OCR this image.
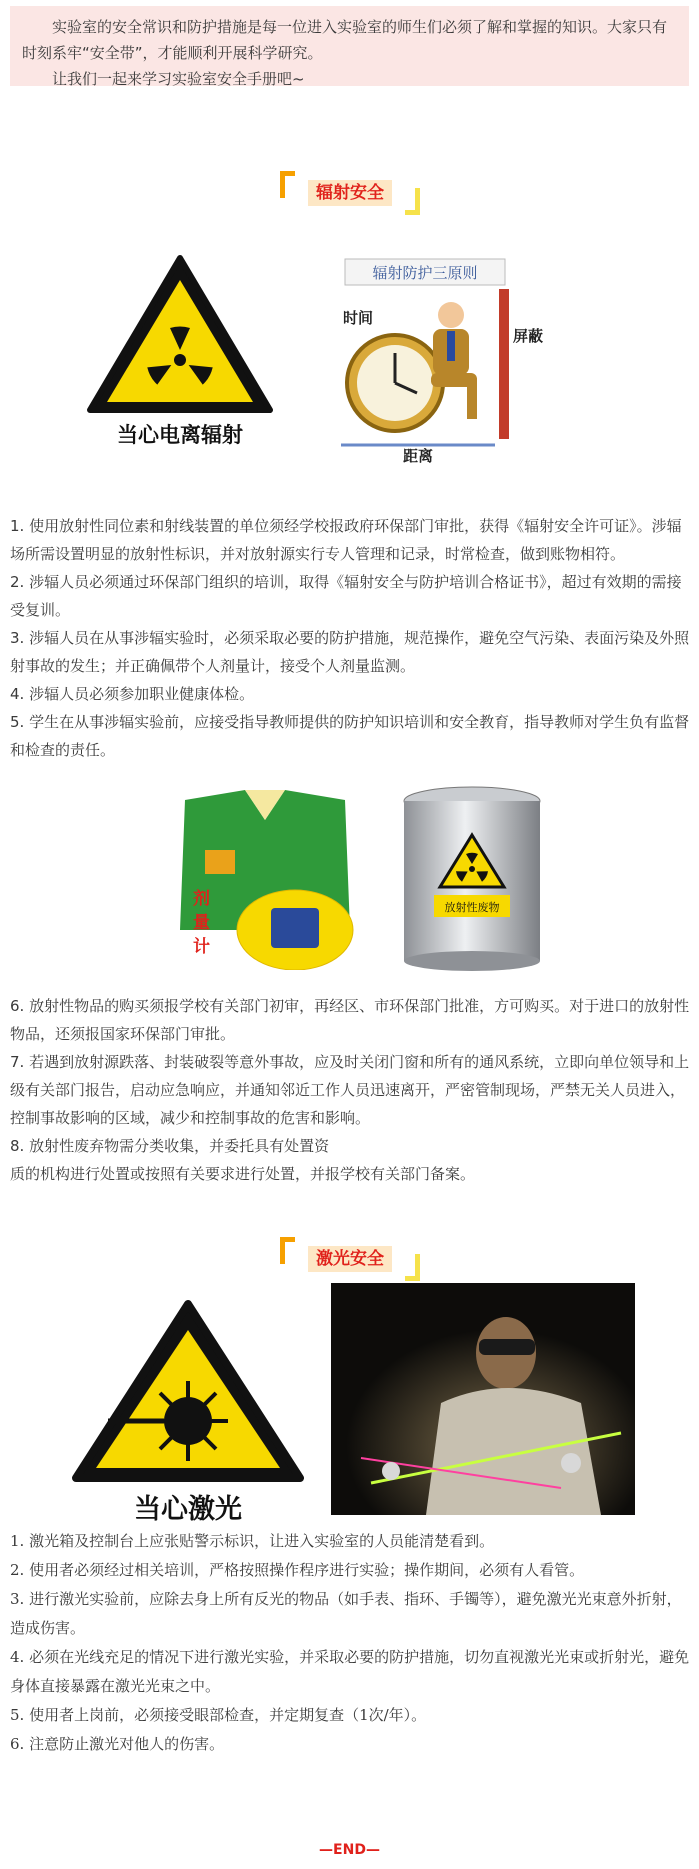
实验室的安全常识和防护措施是每一位进入实验室的师生们必须了解和掌握的知识。大家只有时刻系牢“安全带”，才能顺利开展科学研究。

让我们一起来学习实验室安全手册吧~

辐射安全
当心电离辐射
辐射防护三原则
时间
屏蔽
距离

1. 使用放射性同位素和射线装置的单位须经学校报政府环保部门审批，获得《辐射安全许可证》。涉辐场所需设置明显的放射性标识，并对放射源实行专人管理和记录，时常检查，做到账物相符。

2. 涉辐人员必须通过环保部门组织的培训，取得《辐射安全与防护培训合格证书》，超过有效期的需接受复训。

3. 涉辐人员在从事涉辐实验时，必须采取必要的防护措施，规范操作，避免空气污染、表面污染及外照射事故的发生；并正确佩带个人剂量计，接受个人剂量监测。

4. 涉辐人员必须参加职业健康体检。

5. 学生在从事涉辐实验前，应接受指导教师提供的防护知识培训和安全教育，指导教师对学生负有监督和检查的责任。

剂
量
计
放射性废物

6. 放射性物品的购买须报学校有关部门初审，再经区、市环保部门批准，方可购买。对于进口的放射性物品，还须报国家环保部门审批。

7. 若遇到放射源跌落、封装破裂等意外事故，应及时关闭门窗和所有的通风系统，立即向单位领导和上级有关部门报告，启动应急响应，并通知邻近工作人员迅速离开，严密管制现场，严禁无关人员进入，控制事故影响的区域，减少和控制事故的危害和影响。

8. 放射性废弃物需分类收集，并委托具有处置资

质的机构进行处置或按照有关要求进行处置，并报学校有关部门备案。

激光安全
当心激光

1. 激光箱及控制台上应张贴警示标识，让进入实验室的人员能清楚看到。

2. 使用者必须经过相关培训，严格按照操作程序进行实验；操作期间，必须有人看管。

3. 进行激光实验前，应除去身上所有反光的物品（如手表、指环、手镯等），避免激光光束意外折射，造成伤害。

4. 必须在光线充足的情况下进行激光实验，并采取必要的防护措施，切勿直视激光光束或折射光，避免身体直接暴露在激光光束之中。

5. 使用者上岗前，必须接受眼部检查，并定期复查（1次/年）。

6. 注意防止激光对他人的伤害。

—END—
